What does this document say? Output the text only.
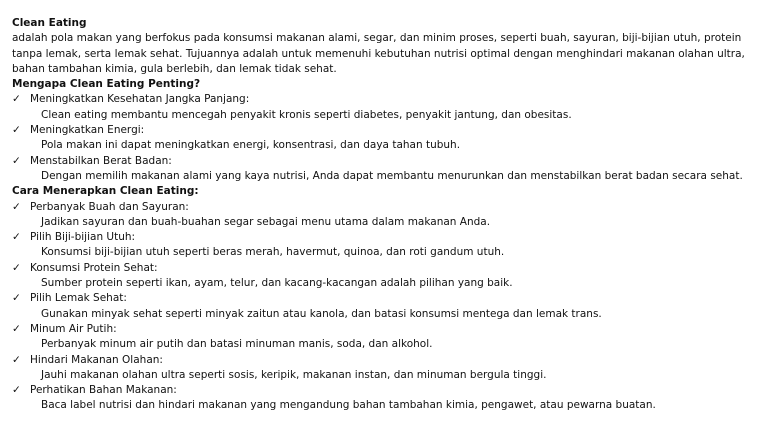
Clean Eating

adalah pola makan yang berfokus pada konsumsi makanan alami, segar, dan minim proses, seperti buah, sayuran, biji-bijian utuh, protein tanpa lemak, serta lemak sehat. Tujuannya adalah untuk memenuhi kebutuhan nutrisi optimal dengan menghindari makanan olahan ultra, bahan tambahan kimia, gula berlebih, dan lemak tidak sehat.

Mengapa Clean Eating Penting?
✓ Meningkatkan Kesehatan Jangka Panjang:
Clean eating membantu mencegah penyakit kronis seperti diabetes, penyakit jantung, dan obesitas.
✓ Meningkatkan Energi:
Pola makan ini dapat meningkatkan energi, konsentrasi, dan daya tahan tubuh.
✓ Menstabilkan Berat Badan:
Dengan memilih makanan alami yang kaya nutrisi, Anda dapat membantu menurunkan dan menstabilkan berat badan secara sehat.
Cara Menerapkan Clean Eating:
✓ Perbanyak Buah dan Sayuran:
Jadikan sayuran dan buah-buahan segar sebagai menu utama dalam makanan Anda.
✓ Pilih Biji-bijian Utuh:
Konsumsi biji-bijian utuh seperti beras merah, havermut, quinoa, dan roti gandum utuh.
✓ Konsumsi Protein Sehat:
Sumber protein seperti ikan, ayam, telur, dan kacang-kacangan adalah pilihan yang baik.
✓ Pilih Lemak Sehat:
Gunakan minyak sehat seperti minyak zaitun atau kanola, dan batasi konsumsi mentega dan lemak trans.
✓ Minum Air Putih:
Perbanyak minum air putih dan batasi minuman manis, soda, dan alkohol.
✓ Hindari Makanan Olahan:
Jauhi makanan olahan ultra seperti sosis, keripik, makanan instan, dan minuman bergula tinggi.
✓ Perhatikan Bahan Makanan:
Baca label nutrisi dan hindari makanan yang mengandung bahan tambahan kimia, pengawet, atau pewarna buatan.
